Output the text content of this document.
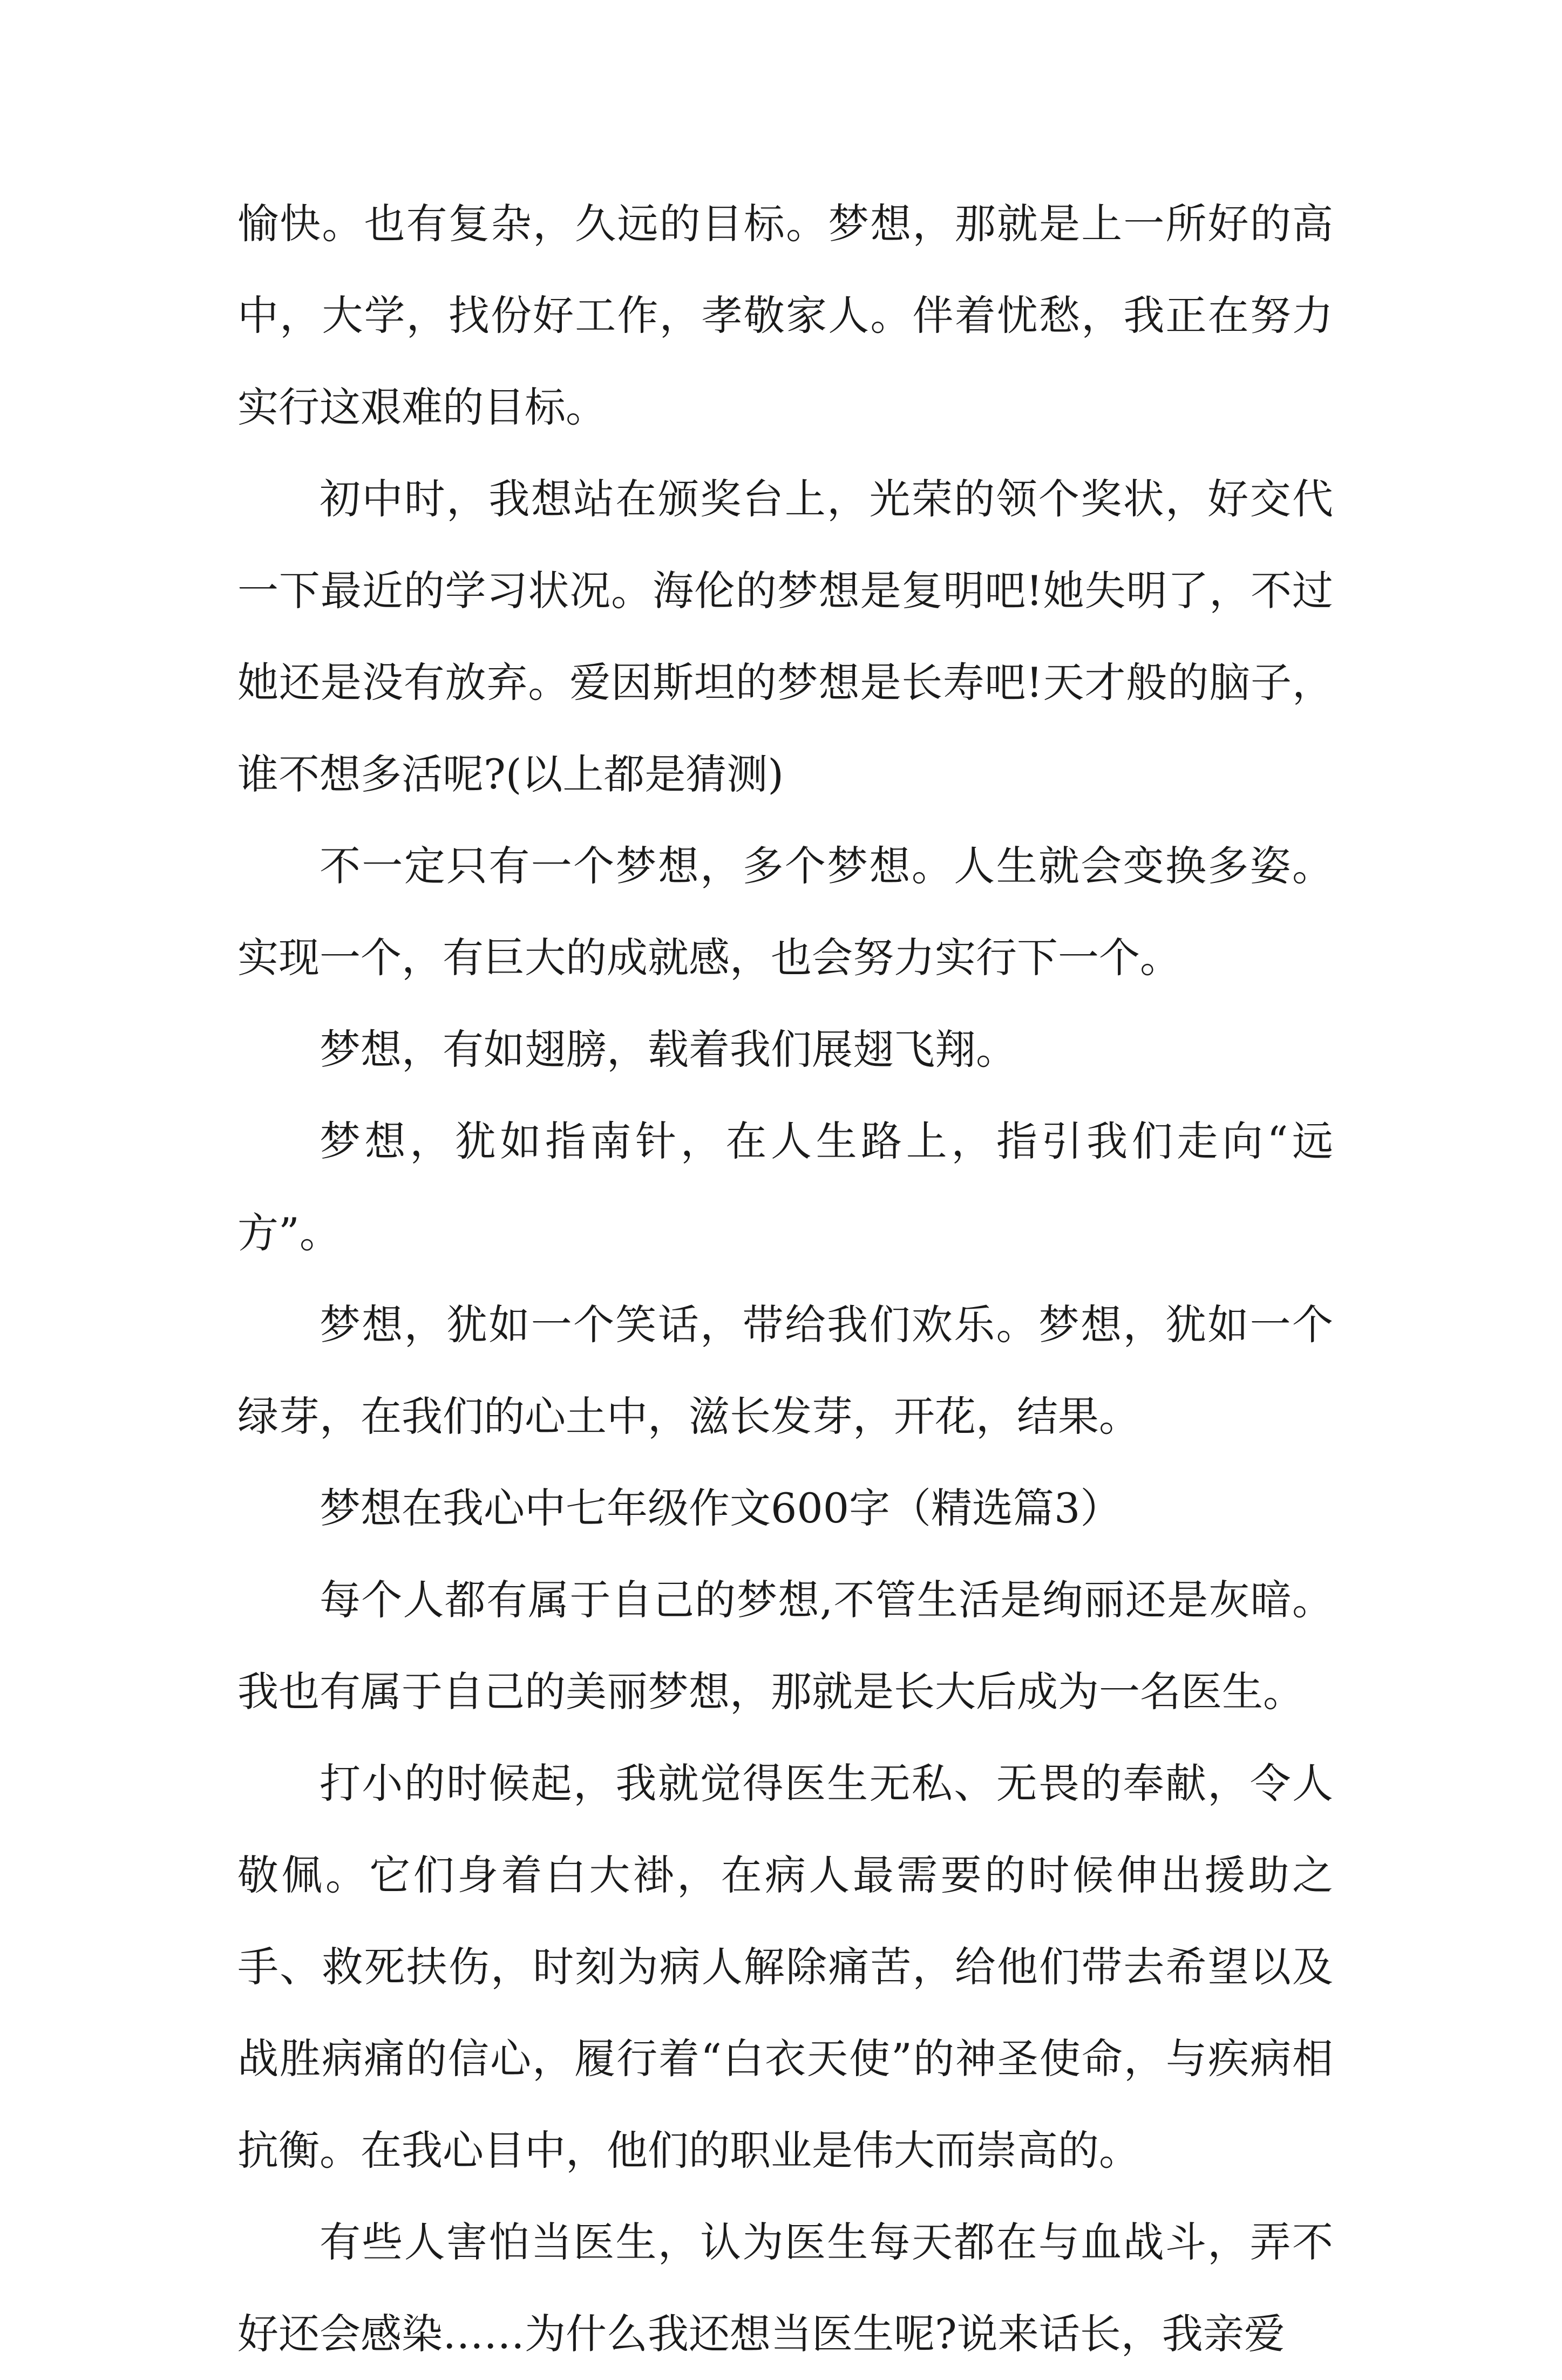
愉快。也有复杂，久远的目标。梦想，那就是上一所好的高中，大学，找份好工作，孝敬家人。伴着忧愁，我正在努力实行这艰难的目标。

初中时，我想站在颁奖台上，光荣的领个奖状，好交代一下最近的学习状况。海伦的梦想是复明吧!她失明了，不过她还是没有放弃。爱因斯坦的梦想是长寿吧!天才般的脑子，谁不想多活呢?(以上都是猜测)

不一定只有一个梦想，多个梦想。人生就会变换多姿。实现一个，有巨大的成就感，也会努力实行下一个。

梦想，有如翅膀，载着我们展翅飞翔。

梦想，犹如指南针，在人生路上，指引我们走向“远方”。

梦想，犹如一个笑话，带给我们欢乐。梦想，犹如一个绿芽，在我们的心土中，滋长发芽，开花，结果。

梦想在我心中七年级作文600字（精选篇3）

每个人都有属于自己的梦想,不管生活是绚丽还是灰暗。我也有属于自己的美丽梦想，那就是长大后成为一名医生。

打小的时候起，我就觉得医生无私、无畏的奉献，令人敬佩。它们身着白大褂，在病人最需要的时候伸出援助之手、救死扶伤，时刻为病人解除痛苦，给他们带去希望以及战胜病痛的信心，履行着“白衣天使”的神圣使命，与疾病相抗衡。在我心目中，他们的职业是伟大而崇高的。

有些人害怕当医生，认为医生每天都在与血战斗，弄不好还会感染……为什么我还想当医生呢?说来话长，我亲爱
